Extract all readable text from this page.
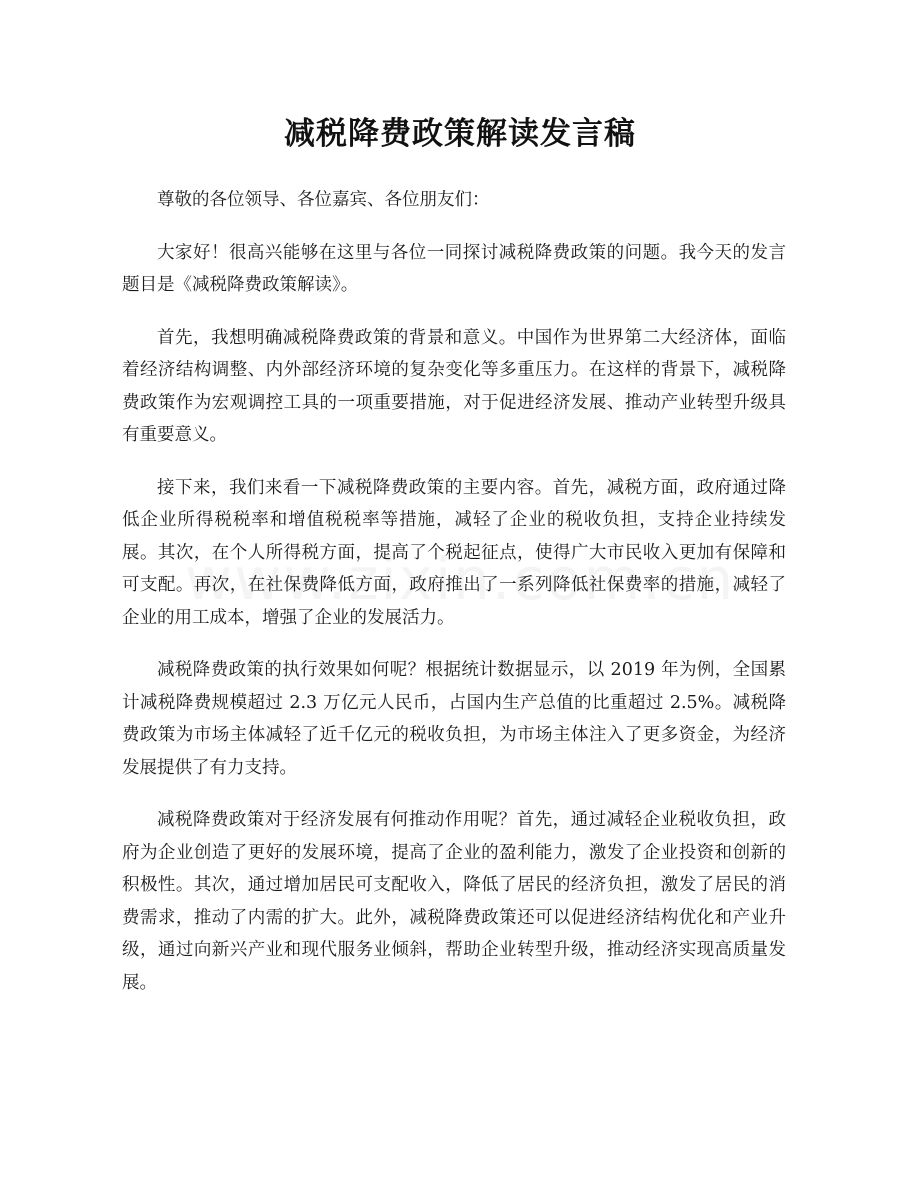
减税降费政策解读发言稿

尊敬的各位领导、各位嘉宾、各位朋友们：

大家好！很高兴能够在这里与各位一同探讨减税降费政策的问题。我今天的发言题目是《减税降费政策解读》。

首先，我想明确减税降费政策的背景和意义。中国作为世界第二大经济体，面临着经济结构调整、内外部经济环境的复杂变化等多重压力。在这样的背景下，减税降费政策作为宏观调控工具的一项重要措施，对于促进经济发展、推动产业转型升级具有重要意义。

接下来，我们来看一下减税降费政策的主要内容。首先，减税方面，政府通过降低企业所得税税率和增值税税率等措施，减轻了企业的税收负担，支持企业持续发展。其次，在个人所得税方面，提高了个税起征点，使得广大市民收入更加有保障和可支配。再次，在社保费降低方面，政府推出了一系列降低社保费率的措施，减轻了企业的用工成本，增强了企业的发展活力。

减税降费政策的执行效果如何呢？根据统计数据显示，以 2019 年为例，全国累计减税降费规模超过 2.3 万亿元人民币，占国内生产总值的比重超过 2.5%。减税降费政策为市场主体减轻了近千亿元的税收负担，为市场主体注入了更多资金，为经济发展提供了有力支持。

减税降费政策对于经济发展有何推动作用呢？首先，通过减轻企业税收负担，政府为企业创造了更好的发展环境，提高了企业的盈利能力，激发了企业投资和创新的积极性。其次，通过增加居民可支配收入，降低了居民的经济负担，激发了居民的消费需求，推动了内需的扩大。此外，减税降费政策还可以促进经济结构优化和产业升级，通过向新兴产业和现代服务业倾斜，帮助企业转型升级，推动经济实现高质量发展。
